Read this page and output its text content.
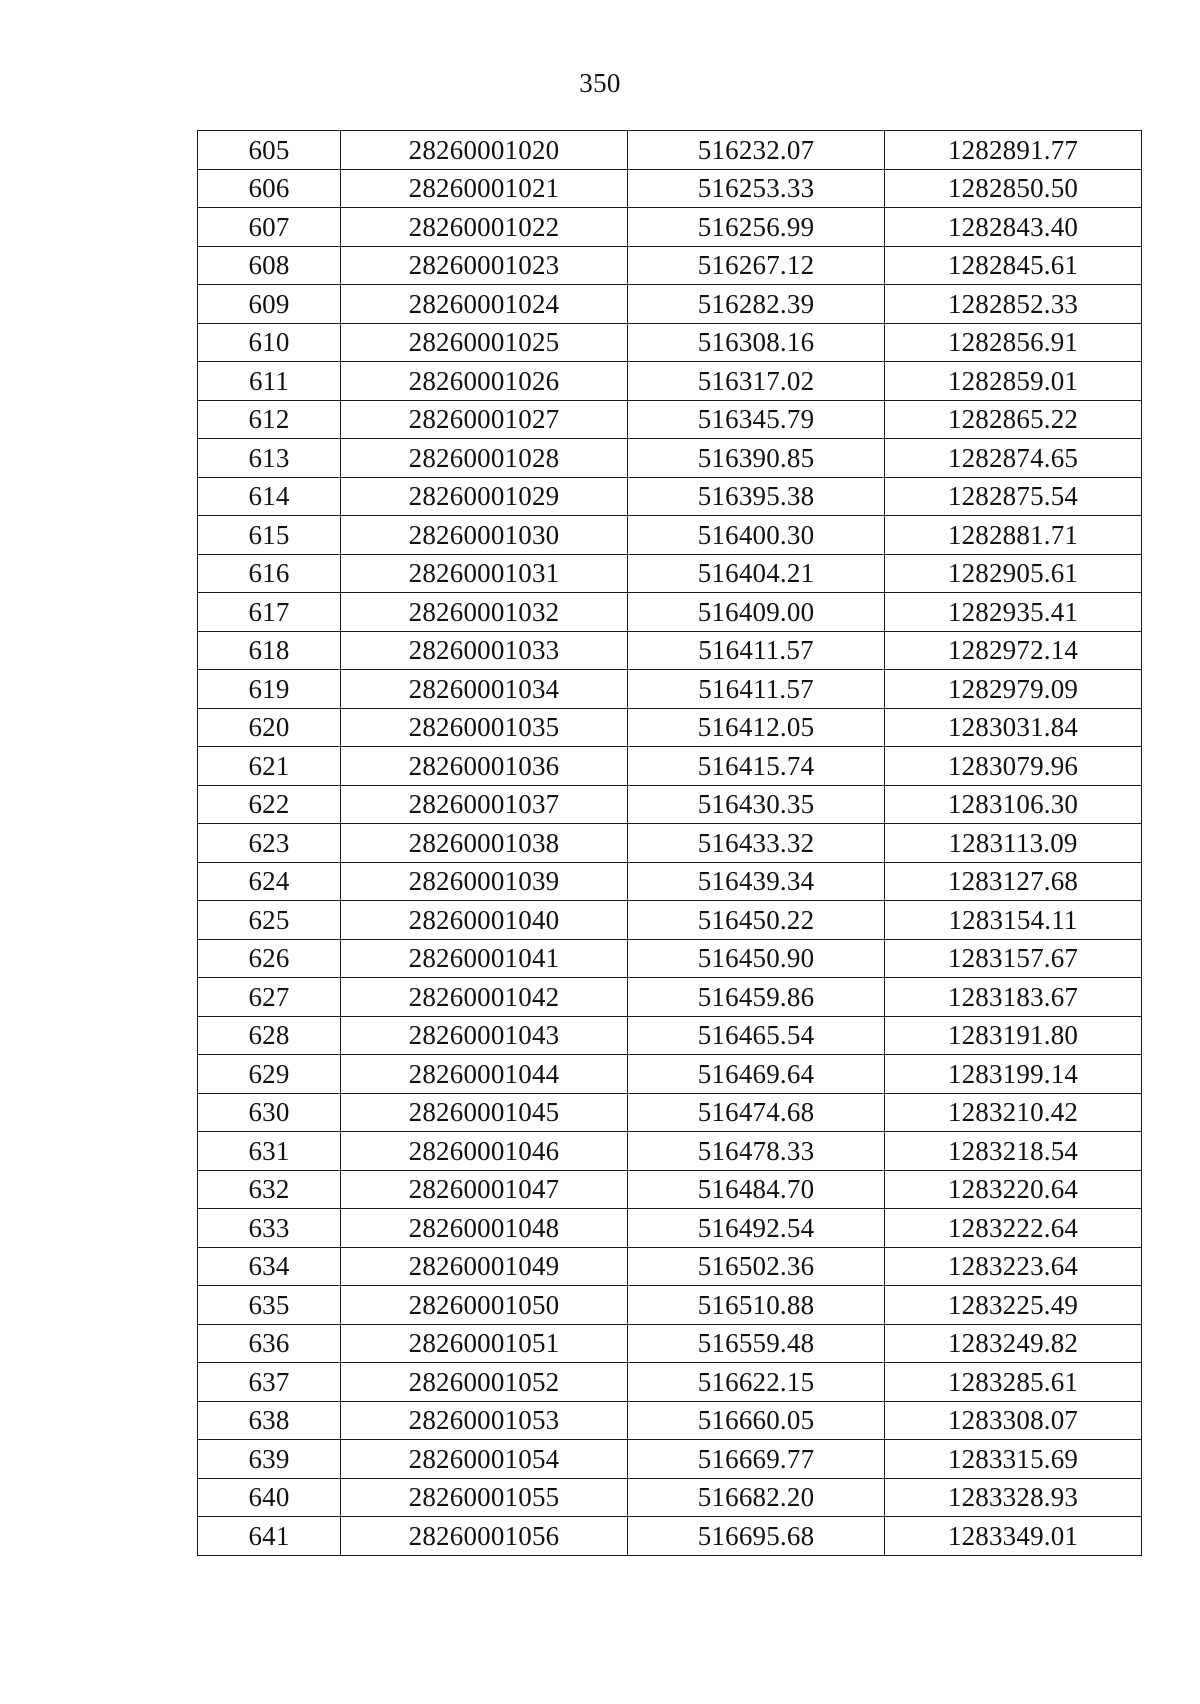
350
605	28260001020	516232.07	1282891.77
606	28260001021	516253.33	1282850.50
607	28260001022	516256.99	1282843.40
608	28260001023	516267.12	1282845.61
609	28260001024	516282.39	1282852.33
610	28260001025	516308.16	1282856.91
611	28260001026	516317.02	1282859.01
612	28260001027	516345.79	1282865.22
613	28260001028	516390.85	1282874.65
614	28260001029	516395.38	1282875.54
615	28260001030	516400.30	1282881.71
616	28260001031	516404.21	1282905.61
617	28260001032	516409.00	1282935.41
618	28260001033	516411.57	1282972.14
619	28260001034	516411.57	1282979.09
620	28260001035	516412.05	1283031.84
621	28260001036	516415.74	1283079.96
622	28260001037	516430.35	1283106.30
623	28260001038	516433.32	1283113.09
624	28260001039	516439.34	1283127.68
625	28260001040	516450.22	1283154.11
626	28260001041	516450.90	1283157.67
627	28260001042	516459.86	1283183.67
628	28260001043	516465.54	1283191.80
629	28260001044	516469.64	1283199.14
630	28260001045	516474.68	1283210.42
631	28260001046	516478.33	1283218.54
632	28260001047	516484.70	1283220.64
633	28260001048	516492.54	1283222.64
634	28260001049	516502.36	1283223.64
635	28260001050	516510.88	1283225.49
636	28260001051	516559.48	1283249.82
637	28260001052	516622.15	1283285.61
638	28260001053	516660.05	1283308.07
639	28260001054	516669.77	1283315.69
640	28260001055	516682.20	1283328.93
641	28260001056	516695.68	1283349.01
